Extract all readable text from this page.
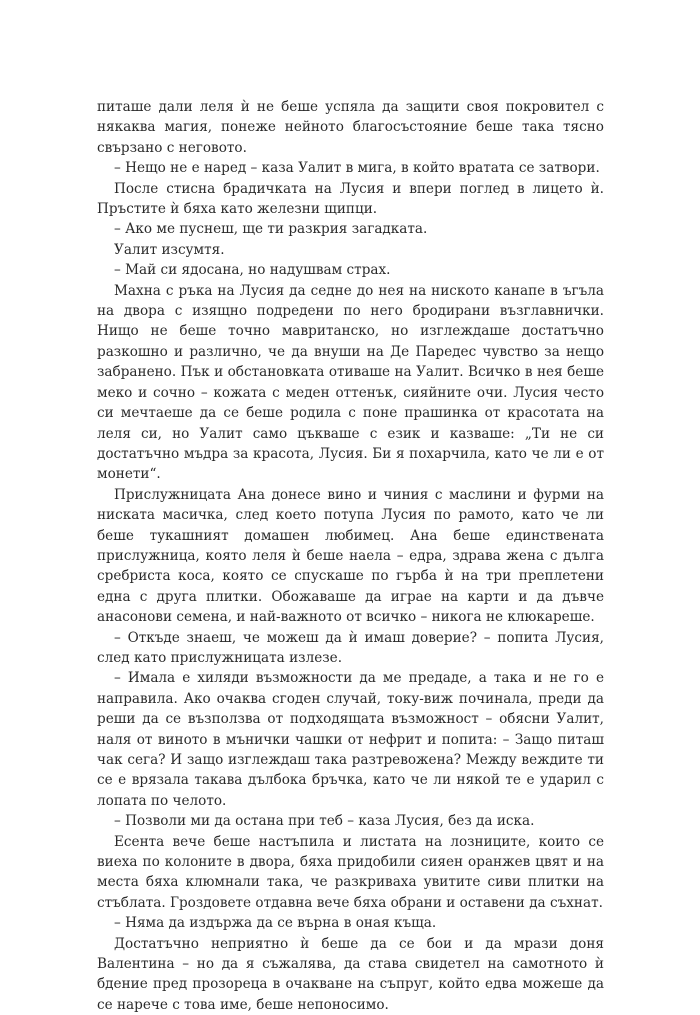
питаше дали леля ѝ не беше успяла да защити своя покровител с някаква магия, понеже нейното благосъстояние беше така тясно свързано с неговото.

– Нещо не е наред – каза Уалит в мига, в който вратата се затвори.

После стисна брадичката на Лусия и впери поглед в лицето ѝ. Пръстите ѝ бяха като железни щипци.

– Ако ме пуснеш, ще ти разкрия загадката.

Уалит изсумтя.

– Май си ядосана, но надушвам страх.

Махна с ръка на Лусия да седне до нея на ниското канапе в ъгъла на двора с изящно подредени по него бродирани възглавнички. Нищо не беше точно мавританско, но изглеждаше достатъчно разкошно и различно, че да внуши на Де Паредес чувство за нещо забранено. Пък и обстановката отиваше на Уалит. Всичко в нея беше меко и сочно – кожата с меден оттенък, сияйните очи. Лусия често си мечтаеше да се беше родила с поне прашинка от красотата на леля си, но Уалит само цъкваше с език и казваше: „Ти не си достатъчно мъдра за красота, Лусия. Би я похарчила, като че ли е от монети“.

Прислужницата Ана донесе вино и чиния с маслини и фурми на ниската масичка, след което потупа Лусия по рамото, като че ли беше тукашният домашен любимец. Ана беше единствената прислужница, която леля ѝ беше наела – едра, здрава жена с дълга сребриста коса, която се спускаше по гърба ѝ на три преплетени една с друга плитки. Обожаваше да играе на карти и да дъвче анасонови семена, и най-важното от всичко – никога не клюкареше.

– Откъде знаеш, че можеш да ѝ имаш доверие? – попита Лусия, след като прислужницата излезе.

– Имала е хиляди възможности да ме предаде, а така и не го е направила. Ако очаква сгоден случай, току-виж починала, преди да реши да се възползва от подходящата възможност – обясни Уалит, наля от виното в мънички чашки от нефрит и попита: – Защо питаш чак сега? И защо изглеждаш така разтревожена? Между веждите ти се е врязала такава дълбока бръчка, като че ли някой те е ударил с лопата по челото.

– Позволи ми да остана при теб – каза Лусия, без да иска.

Есента вече беше настъпила и листата на лозниците, които се виеха по колоните в двора, бяха придобили сияен оранжев цвят и на места бяха клюмнали така, че разкриваха увитите сиви плитки на стъблата. Гроздовете отдавна вече бяха обрани и оставени да съхнат.

– Няма да издържа да се върна в оная къща.

Достатъчно неприятно ѝ беше да се бои и да мрази доня Валентина – но да я съжалява, да става свидетел на самотното ѝ бдение пред прозореца в очакване на съпруг, който едва можеше да се нарече с това име, беше непоносимо.
